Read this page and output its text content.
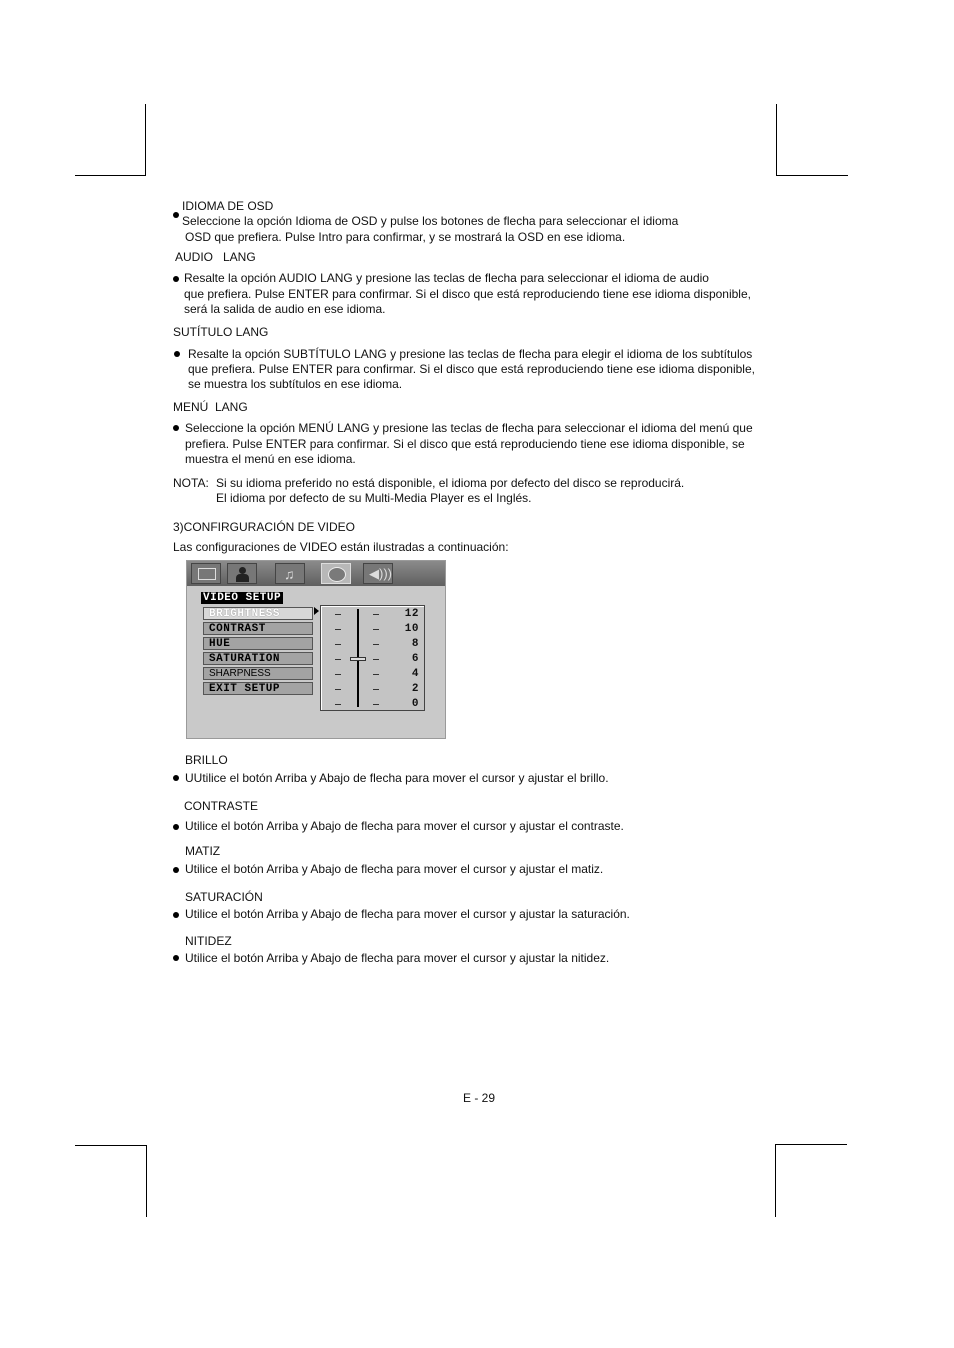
IDIOMA DE OSD
Seleccione la opción Idioma de OSD y pulse los botones de flecha para seleccionar el idioma
OSD que prefiera. Pulse Intro para confirmar, y se mostrará la OSD en ese idioma.
AUDIO   LANG
Resalte la opción AUDIO LANG y presione las teclas de flecha para seleccionar el idioma de audio
que prefiera. Pulse ENTER para confirmar. Si el disco que está reproduciendo tiene ese idioma disponible,
será la salida de audio en ese idioma.
SUTÍTULO LANG
Resalte la opción SUBTÍTULO LANG y presione las teclas de flecha para elegir el idioma de los subtítulos
que prefiera. Pulse ENTER para confirmar. Si el disco que está reproduciendo tiene ese idioma disponible,
se muestra los subtítulos en ese idioma.
MENÚ  LANG
Seleccione la opción MENÚ LANG y presione las teclas de flecha para seleccionar el idioma del menú que
prefiera. Pulse ENTER para confirmar. Si el disco que está reproduciendo tiene ese idioma disponible, se
muestra el menú en ese idioma.
NOTA: Si su idioma preferido no está disponible, el idioma por defecto del disco se reproducirá.
El idioma por defecto de su Multi-Media Player es el Inglés.
3)CONFIRGURACIÓN DE VIDEO
Las configuraciones de VIDEO están ilustradas a continuación:
♫	◀)))
VIDEO SETUP
BRIGHTNESS
CONTRAST
HUE
SATURATION
SHARPNESS
EXIT SETUP
12
10
8
6
4
2
0
BRILLO
UUtilice el botón Arriba y Abajo de flecha para mover el cursor y ajustar el brillo.
CONTRASTE
Utilice el botón Arriba y Abajo de flecha para mover el cursor y ajustar el contraste.
MATIZ
Utilice el botón Arriba y Abajo de flecha para mover el cursor y ajustar el matiz.
SATURACIÓN
Utilice el botón Arriba y Abajo de flecha para mover el cursor y ajustar la saturación.
NITIDEZ
Utilice el botón Arriba y Abajo de flecha para mover el cursor y ajustar la nitidez.
E - 29
